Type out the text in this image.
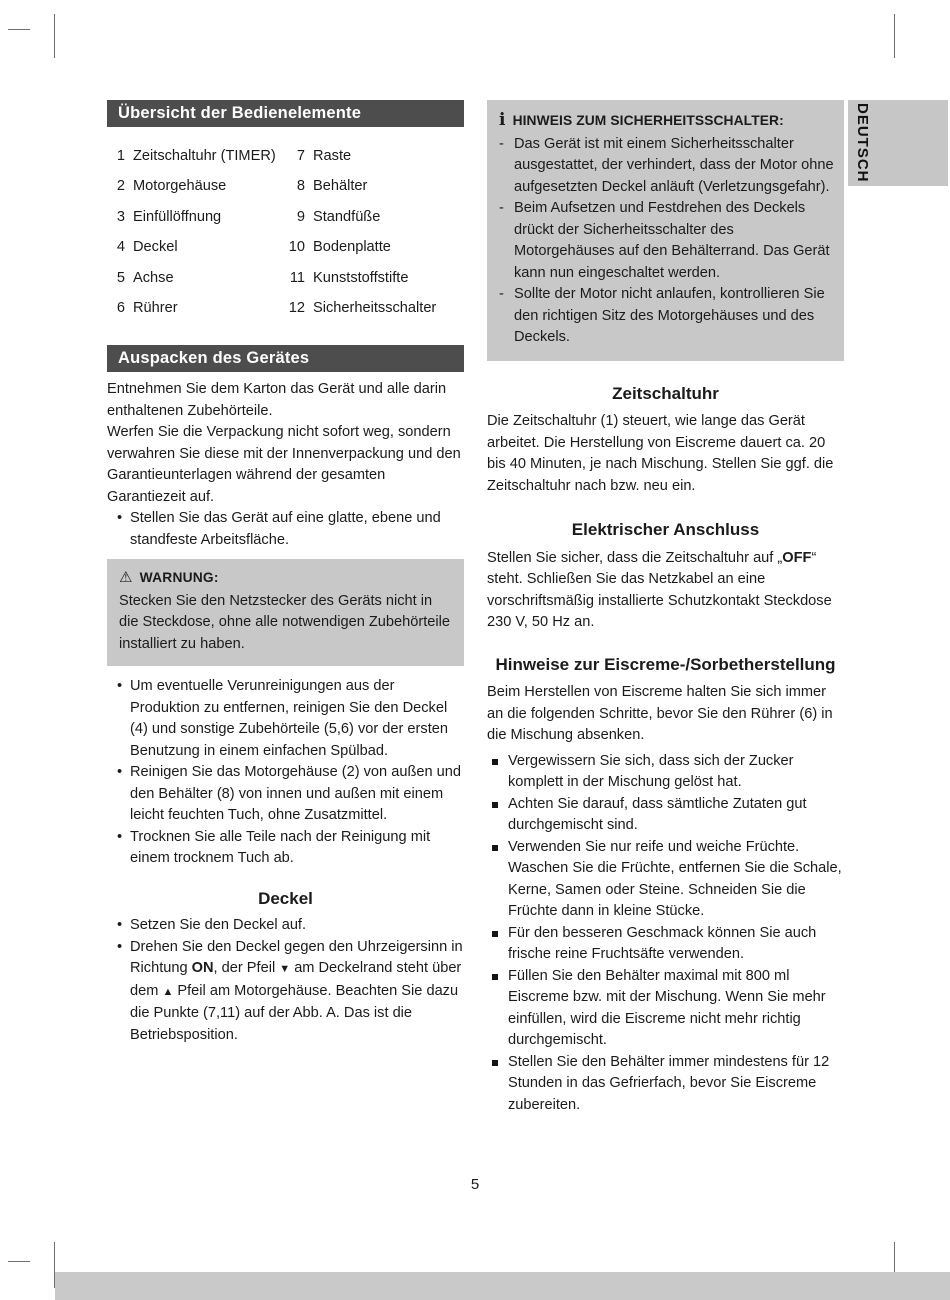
DEUTSCH
Übersicht der Bedienelemente
1 Zeitschaltuhr (TIMER)	7 Raste
2 Motorgehäuse	8 Behälter
3 Einfüllöffnung	9 Standfüße
4 Deckel	10 Bodenplatte
5 Achse	11 Kunststoffstifte
6 Rührer	12 Sicherheitsschalter
Auspacken des Gerätes

Entnehmen Sie dem Karton das Gerät und alle darin enthaltenen Zubehörteile.

Werfen Sie die Verpackung nicht sofort weg, sondern verwahren Sie diese mit der Innenverpackung und den Garantieunterlagen während der gesamten Garantiezeit auf.

• Stellen Sie das Gerät auf eine glatte, ebene und standfeste Arbeitsfläche.
⚠ WARNUNG:

Stecken Sie den Netzstecker des Geräts nicht in die Steckdose, ohne alle notwendigen Zubehörteile installiert zu haben.

• Um eventuelle Verunreinigungen aus der Produktion zu entfernen, reinigen Sie den Deckel (4) und sonstige Zubehörteile (5,6) vor der ersten Benutzung in einem einfachen Spülbad.
• Reinigen Sie das Motorgehäuse (2) von außen und den Behälter (8) von innen und außen mit einem leicht feuchten Tuch, ohne Zusatzmittel.
• Trocknen Sie alle Teile nach der Reinigung mit einem trocknem Tuch ab.
Deckel
• Setzen Sie den Deckel auf.
• Drehen Sie den Deckel gegen den Uhrzeigersinn in Richtung ON, der Pfeil ▼ am Deckelrand steht über dem ▲ Pfeil am Motorgehäuse. Beachten Sie dazu die Punkte (7,11) auf der Abb. A. Das ist die Betriebsposition.
i HINWEIS ZUM SICHERHEITSSCHALTER:
- Das Gerät ist mit einem Sicherheitsschalter ausgestattet, der verhindert, dass der Motor ohne aufgesetzten Deckel anläuft (Verletzungsgefahr).
- Beim Aufsetzen und Festdrehen des Deckels drückt der Sicherheitsschalter des Motorgehäuses auf den Behälterrand. Das Gerät kann nun eingeschaltet werden.
- Sollte der Motor nicht anlaufen, kontrollieren Sie den richtigen Sitz des Motorgehäuses und des Deckels.
Zeitschaltuhr

Die Zeitschaltuhr (1) steuert, wie lange das Gerät arbeitet. Die Herstellung von Eiscreme dauert ca. 20 bis 40 Minuten, je nach Mischung. Stellen Sie ggf. die Zeitschaltuhr nach bzw. neu ein.

Elektrischer Anschluss

Stellen Sie sicher, dass die Zeitschaltuhr auf „OFF“ steht. Schließen Sie das Netzkabel an eine vorschriftsmäßig installierte Schutzkontakt Steckdose 230 V, 50 Hz an.

Hinweise zur Eiscreme-/Sorbetherstellung

Beim Herstellen von Eiscreme halten Sie sich immer an die folgenden Schritte, bevor Sie den Rührer (6) in die Mischung absenken.

Vergewissern Sie sich, dass sich der Zucker komplett in der Mischung gelöst hat.
Achten Sie darauf, dass sämtliche Zutaten gut durchgemischt sind.
Verwenden Sie nur reife und weiche Früchte. Waschen Sie die Früchte, entfernen Sie die Schale, Kerne, Samen oder Steine. Schneiden Sie die Früchte dann in kleine Stücke.
Für den besseren Geschmack können Sie auch frische reine Fruchtsäfte verwenden.
Füllen Sie den Behälter maximal mit 800 ml Eiscreme bzw. mit der Mischung. Wenn Sie mehr einfüllen, wird die Eiscreme nicht mehr richtig durchgemischt.
Stellen Sie den Behälter immer mindestens für 12 Stunden in das Gefrierfach, bevor Sie Eiscreme zubereiten.
5
